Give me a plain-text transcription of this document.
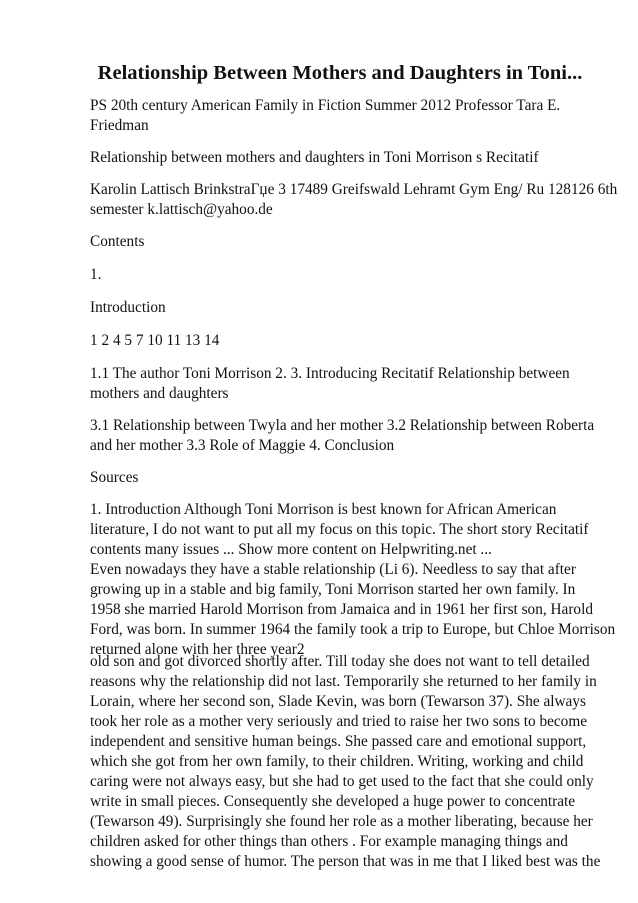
Relationship Between Mothers and Daughters in Toni...
PS 20th century American Family in Fiction Summer 2012 Professor Tara E.
Friedman
Relationship between mothers and daughters in Toni Morrison s Recitatif
Karolin Lattisch BrinkstraГџe 3 17489 Greifswald Lehramt Gym Eng/ Ru 128126 6th
semester k.lattisch@yahoo.de
Contents
1.
Introduction
1 2 4 5 7 10 11 13 14
1.1 The author Toni Morrison 2. 3. Introducing Recitatif Relationship between
mothers and daughters
3.1 Relationship between Twyla and her mother 3.2 Relationship between Roberta
and her mother 3.3 Role of Maggie 4. Conclusion
Sources
1. Introduction Although Toni Morrison is best known for African American
literature, I do not want to put all my focus on this topic. The short story Recitatif
contents many issues ... Show more content on Helpwriting.net ...
Even nowadays they have a stable relationship (Li 6). Needless to say that after
growing up in a stable and big family, Toni Morrison started her own family. In
1958 she married Harold Morrison from Jamaica and in 1961 her first son, Harold
Ford, was born. In summer 1964 the family took a trip to Europe, but Chloe Morrison
returned alone with her three year2
old son and got divorced shortly after. Till today she does not want to tell detailed
reasons why the relationship did not last. Temporarily she returned to her family in
Lorain, where her second son, Slade Kevin, was born (Tewarson 37). She always
took her role as a mother very seriously and tried to raise her two sons to become
independent and sensitive human beings. She passed care and emotional support,
which she got from her own family, to their children. Writing, working and child
caring were not always easy, but she had to get used to the fact that she could only
write in small pieces. Consequently she developed a huge power to concentrate
(Tewarson 49). Surprisingly she found her role as a mother liberating, because her
children asked for other things than others . For example managing things and
showing a good sense of humor. The person that was in me that I liked best was the
